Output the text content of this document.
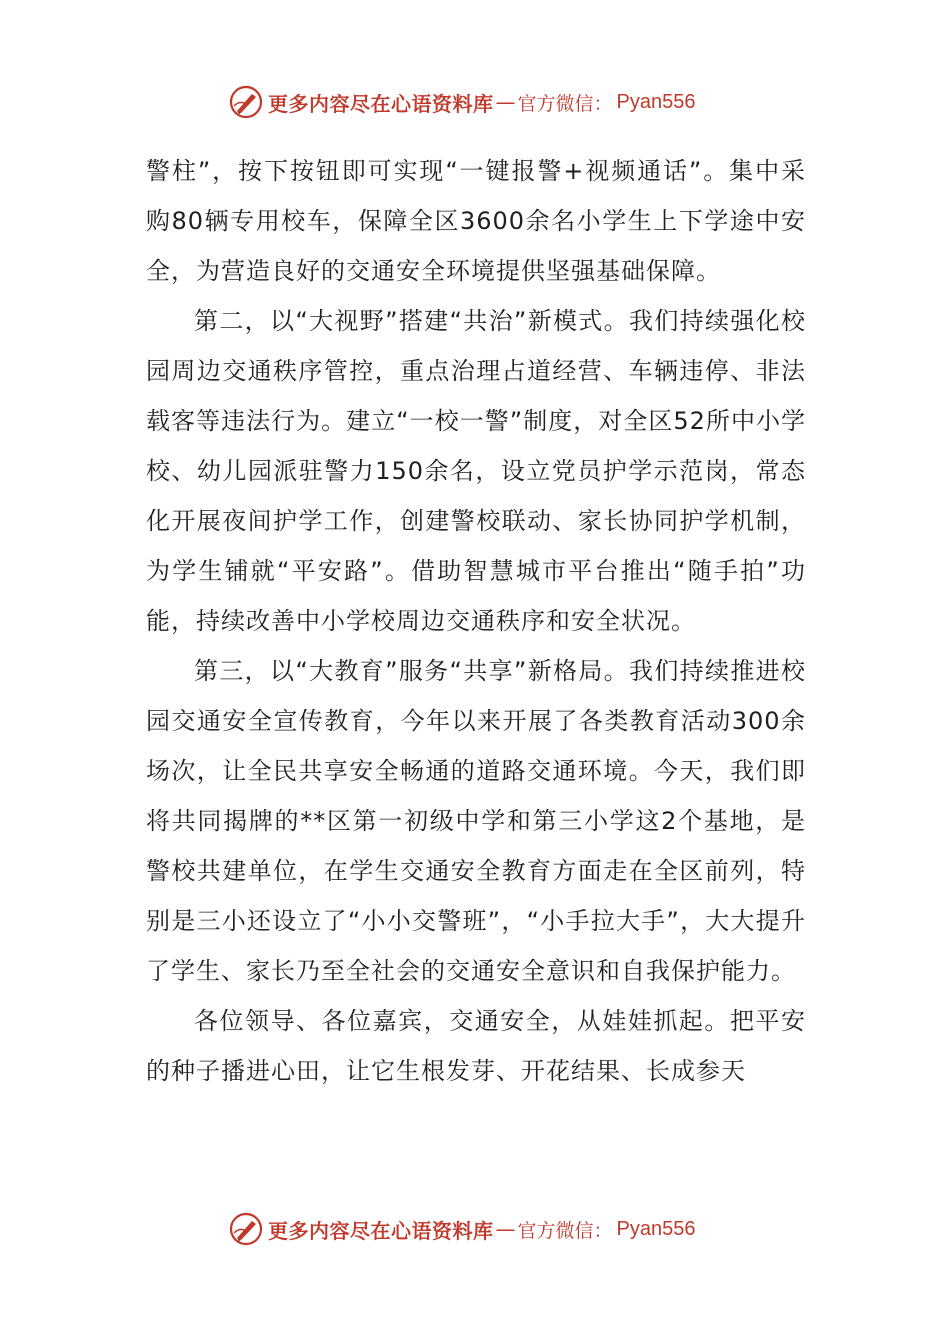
更多内容尽在心语资料库 — 官方微信： Pyan556

警柱”，按下按钮即可实现“一键报警+视频通话”。集中采购80辆专用校车，保障全区3600余名小学生上下学途中安全，为营造良好的交通安全环境提供坚强基础保障。

第二，以“大视野”搭建“共治”新模式。我们持续强化校园周边交通秩序管控，重点治理占道经营、车辆违停、非法载客等违法行为。建立“一校一警”制度，对全区52所中小学校、幼儿园派驻警力150余名，设立党员护学示范岗，常态化开展夜间护学工作，创建警校联动、家长协同护学机制，为学生铺就“平安路”。借助智慧城市平台推出“随手拍”功能，持续改善中小学校周边交通秩序和安全状况。

第三，以“大教育”服务“共享”新格局。我们持续推进校园交通安全宣传教育，今年以来开展了各类教育活动300余场次，让全民共享安全畅通的道路交通环境。今天，我们即将共同揭牌的**区第一初级中学和第三小学这2个基地，是警校共建单位，在学生交通安全教育方面走在全区前列，特别是三小还设立了“小小交警班”，“小手拉大手”，大大提升了学生、家长乃至全社会的交通安全意识和自我保护能力。

各位领导、各位嘉宾，交通安全，从娃娃抓起。把平安的种子播进心田，让它生根发芽、开花结果、长成参天

更多内容尽在心语资料库 — 官方微信： Pyan556
